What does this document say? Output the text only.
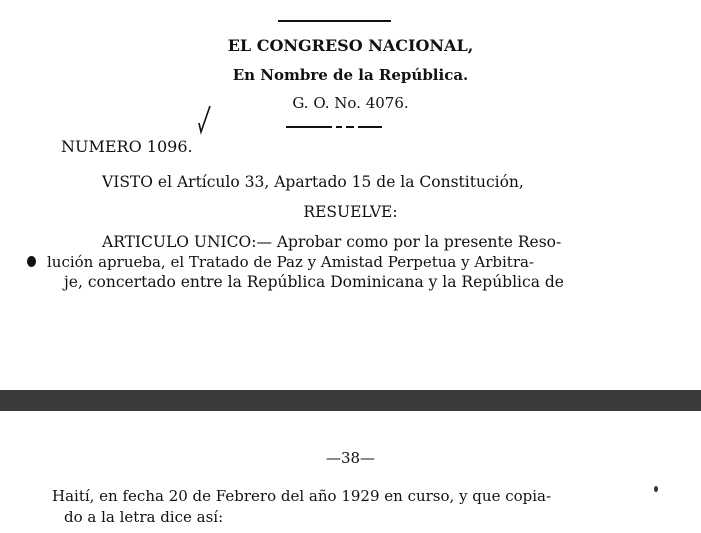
EL CONGRESO NACIONAL,
En Nombre de la República.
G. O. No. 4076.
NUMERO 1096.
VISTO el Artículo 33, Apartado 15 de la Constitución,
RESUELVE:
ARTICULO UNICO:— Aprobar como por la presente Reso-
lución aprueba, el Tratado de Paz y Amistad Perpetua y Arbitra-
je, concertado entre la República Dominicana y la República de
—38—
Haití, en fecha 20 de Febrero del año 1929 en curso, y que copia-
do a la letra dice así:
